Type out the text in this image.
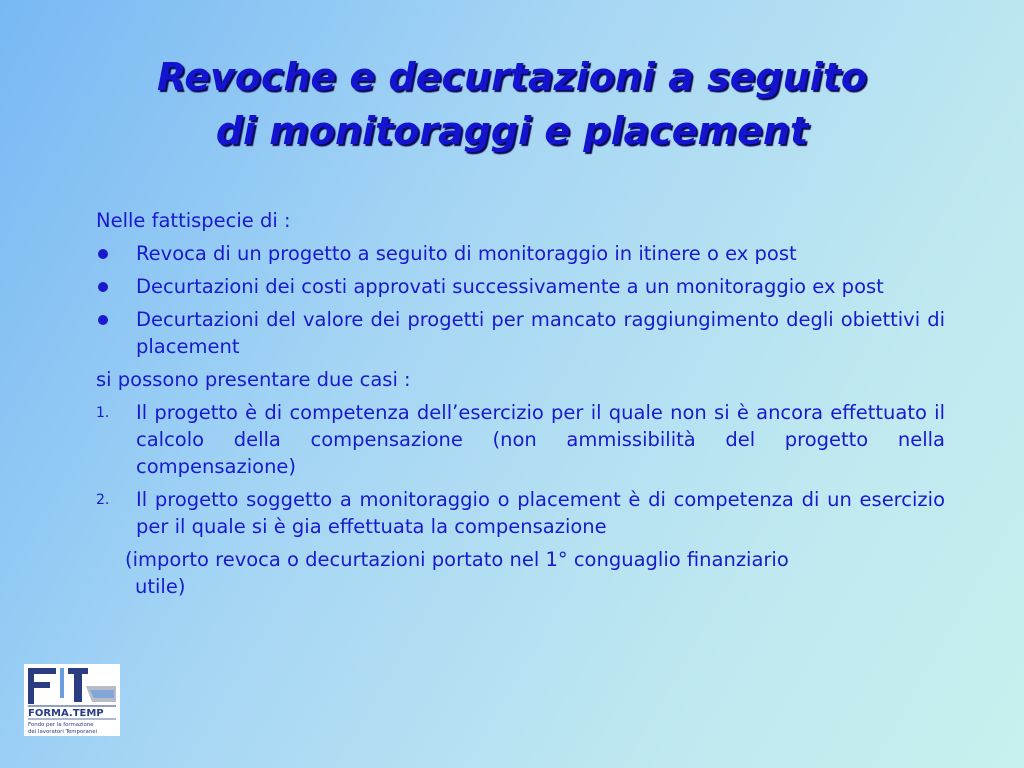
Revoche e decurtazioni a seguito
di monitoraggi e placement

Nelle fattispecie di :

Revoca di un progetto a seguito di monitoraggio in itinere o ex post
Decurtazioni dei costi approvati successivamente a un monitoraggio ex post
Decurtazioni del valore dei progetti per mancato raggiungimento degli obiettivi di placement

si possono presentare due casi :

1. Il progetto è di competenza dell’esercizio per il quale non si è ancora effettuato il calcolo della compensazione (non ammissibilità del progetto nella compensazione)
2. Il progetto soggetto a monitoraggio o placement è di competenza di un esercizio per il quale si è gia effettuata la compensazione

(importo revoca o decurtazioni portato nel 1° conguaglio finanziario
utile)

FORMA.TEMP
Fondo per la formazione
dei lavoratori Temporanei
